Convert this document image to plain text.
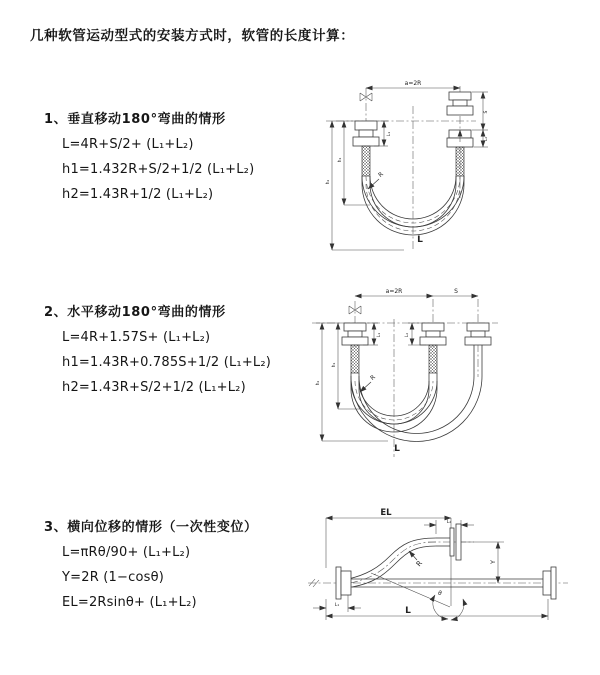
几种软管运动型式的安装方式时，软管的长度计算：
1、垂直移动180°弯曲的情形
L=4R+S/2+ (L₁+L₂)
h1=1.432R+S/2+1/2 (L₁+L₂)
h2=1.43R+1/2 (L₁+L₂)
2、水平移动180°弯曲的情形
L=4R+1.57S+ (L₁+L₂)
h1=1.43R+0.785S+1/2 (L₁+L₂)
h2=1.43R+S/2+1/2 (L₁+L₂)
3、横向位移的情形（一次性变位）
L=πRθ/90+ (L₁+L₂)
Y=2R (1−cosθ)
EL=2Rsinθ+ (L₁+L₂)
a=2R
h₁
h₂
L₁
S
L₂
R
L
a=2R	S
h₁
h₂
L₁	L₂
R
L
EL
L₂
θ
R	Y
L₁
L
